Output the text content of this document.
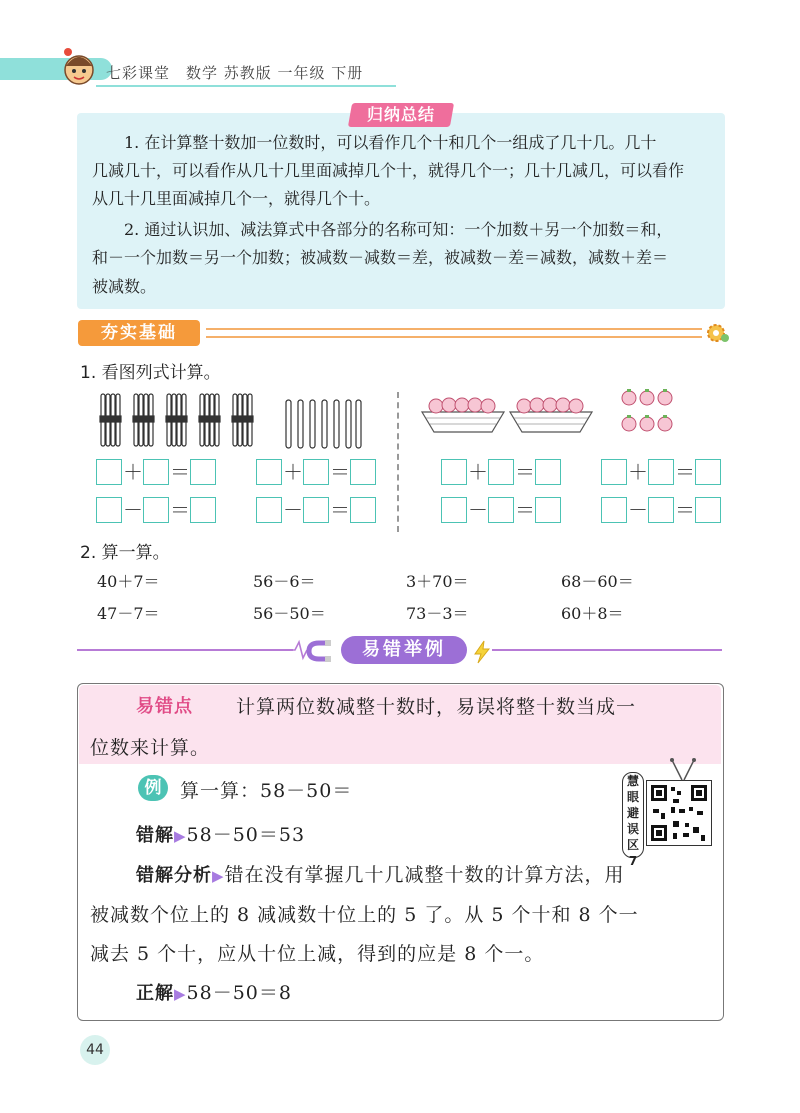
七彩课堂　数学 苏教版 一年级 下册
归纳总结
　　1. 在计算整十数加一位数时，可以看作几个十和几个一组成了几十几。几十
几减几十，可以看作从几十几里面减掉几个十，就得几个一；几十几减几，可以看作
从几十几里面减掉几个一，就得几个十。
　　2. 通过认识加、减法算式中各部分的名称可知：一个加数＋另一个加数＝和，
和－一个加数＝另一个加数；被减数－减数＝差，被减数－差＝减数，减数＋差＝
被减数。
夯实基础
1. 看图列式计算。
＋ ＝
－ ＝
＋ ＝
－ ＝
＋ ＝
－ ＝
＋ ＝
－ ＝
2. 算一算。
40＋7＝	56－6＝	3＋70＝	68－60＝
47－7＝	56－50＝	73－3＝	60＋8＝
易错举例
易错点 计算两位数减整十数时，易误将整十数当成一
位数来计算。
例 算一算：58－50＝	慧眼避误区7
错解▶58－50＝53
错解分析▶错在没有掌握几十几减整十数的计算方法，用
被减数个位上的 8 减减数十位上的 5 了。从 5 个十和 8 个一
减去 5 个十，应从十位上减，得到的应是 8 个一。
正解▶58－50＝8
44
